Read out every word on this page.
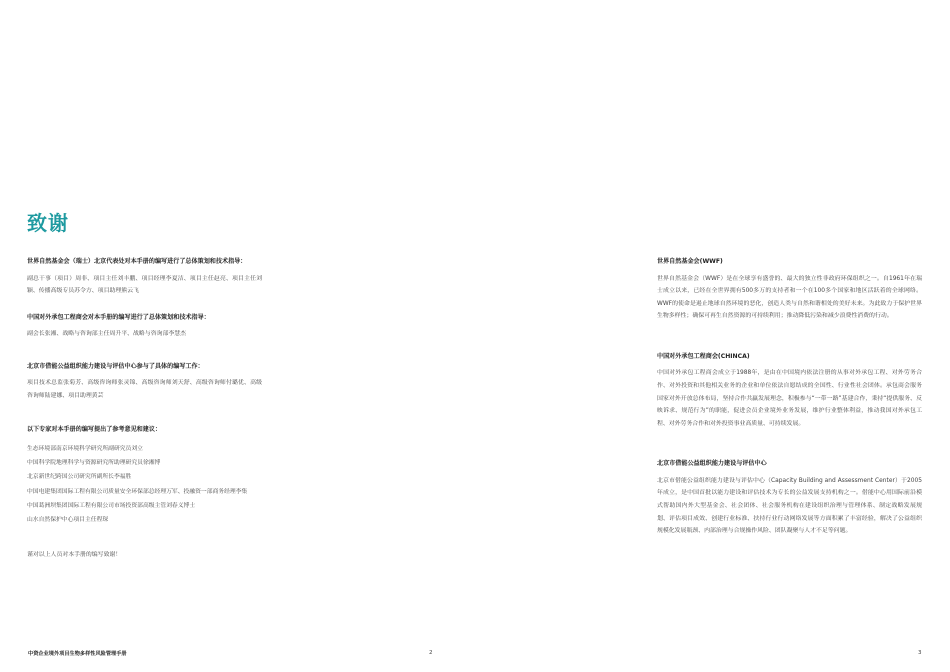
致谢

世界自然基金会（瑞士）北京代表处对本手册的编写进行了总体策划和技术指导：

副总干事（项目）周非、项目主任刘丰鹏、项目经理李夏洁、项目主任赵亮、项目主任刘颖、传播高级专员苏令方、项目助理熊云飞

中国对外承包工程商会对本手册的编写进行了总体策划和技术指导：

副会长张湘、战略与咨询部主任周升平、战略与咨询部李慧杰

北京市借能公益组织能力建设与评估中心参与了具体的编写工作：

项目技术总监张菊芳、高级咨询师张灵锦、高级咨询师刘天舒、高级咨询师付璐优、高级咨询师陆建娜、项目助理黄芸

以下专家对本手册的编写提出了参考意见和建议：

生态环境部南京环境科学研究所副研究员刘立
中国科学院地理科学与资源研究所助理研究员徐湘博
北京新世纪跨国公司研究所副所长李福胜
中国电建集团国际工程有限公司质量安全环保部总经理万军、投融资一部商务经理李集
中国葛洲坝集团国际工程有限公司市场投资部高级主管刘春义博士
山水自然保护中心项目主任程琛

谨对以上人员对本手册的编写致谢！

中资企业境外项目生物多样性风险管理手册	2

世界自然基金会(WWF)

世界自然基金会（WWF）是在全球享有盛誉的、最大的独立性非政府环保组织之一。自1961年在瑞士成立以来，已经在全世界拥有500多万的支持者和一个在100多个国家和地区活跃着的全球网络。WWF的使命是遏止地球自然环境的恶化，创造人类与自然和谐相处的美好未来。为此致力于保护世界生物多样性；确保可再生自然资源的可持续利用；推动降低污染和减少浪费性消费的行动。

中国对外承包工程商会(CHINCA)

中国对外承包工程商会成立于1988年，是由在中国境内依法注册的从事对外承包工程、对外劳务合作、对外投资和其他相关业务的企业和单位依法自愿结成的全国性、行业性社会团体。承包商会服务国家对外开放总体布局，坚持合作共赢发展理念，积极参与“一带一路”基建合作，秉持“提供服务、反映诉求、规范行为”的职能，促进会员企业境外业务发展，维护行业整体利益，推动我国对外承包工程、对外劳务合作和对外投资事业高质量、可持续发展。

北京市借能公益组织能力建设与评估中心

北京市借能公益组织能力建设与评估中心（Capacity Building and Assessment Center）于2005年成立，是中国首批以能力建设和评估技术为专长的公益发展支持机构之一。借能中心用国际前沿模式帮助国内外大型基金会、社会团体、社会服务机构在建设组织治理与管理体系、制定战略发展规划、评估项目成效、创建行业标准、扶持行业行动网络发展等方面积累了丰富经验，解决了公益组织规模化发展瓶颈、内部治理与合规操作风险、团队凝聚与人才不足等问题。

3
